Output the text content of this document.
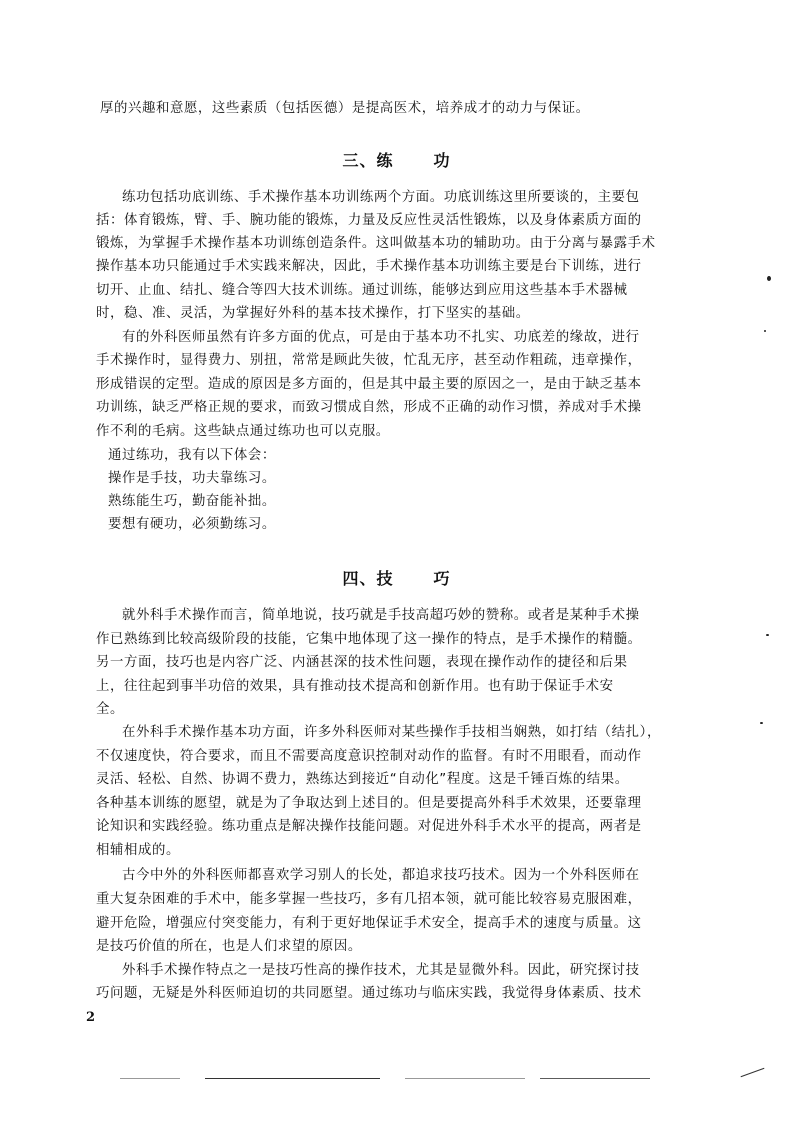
厚的兴趣和意愿，这些素质（包括医德）是提高医术，培养成才的动力与保证。
三、练	功
练功包括功底训练、手术操作基本功训练两个方面。功底训练这里所要谈的，主要包
括：体育锻炼，臂、手、腕功能的锻炼，力量及反应性灵活性锻炼，以及身体素质方面的
锻炼，为掌握手术操作基本功训练创造条件。这叫做基本功的辅助功。由于分离与暴露手术
操作基本功只能通过手术实践来解决，因此，手术操作基本功训练主要是台下训练，进行
切开、止血、结扎、缝合等四大技术训练。通过训练，能够达到应用这些基本手术器械
时，稳、准、灵活，为掌握好外科的基本技术操作，打下坚实的基础。
有的外科医师虽然有许多方面的优点，可是由于基本功不扎实、功底差的缘故，进行
手术操作时，显得费力、别扭，常常是顾此失彼，忙乱无序，甚至动作粗疏，违章操作，
形成错误的定型。造成的原因是多方面的，但是其中最主要的原因之一，是由于缺乏基本
功训练，缺乏严格正规的要求，而致习惯成自然，形成不正确的动作习惯，养成对手术操
作不利的毛病。这些缺点通过练功也可以克服。
通过练功，我有以下体会：
操作是手技，功夫靠练习。
熟练能生巧，勤奋能补拙。
要想有硬功，必须勤练习。
四、技	巧
就外科手术操作而言，简单地说，技巧就是手技高超巧妙的赞称。或者是某种手术操
作已熟练到比较高级阶段的技能，它集中地体现了这一操作的特点，是手术操作的精髓。
另一方面，技巧也是内容广泛、内涵甚深的技术性问题，表现在操作动作的捷径和后果
上，往往起到事半功倍的效果，具有推动技术提高和创新作用。也有助于保证手术安
全。
在外科手术操作基本功方面，许多外科医师对某些操作手技相当娴熟，如打结（结扎），
不仅速度快，符合要求，而且不需要高度意识控制对动作的监督。有时不用眼看，而动作
灵活、轻松、自然、协调不费力，熟练达到接近“自动化”程度。这是千锤百炼的结果。
各种基本训练的愿望，就是为了争取达到上述目的。但是要提高外科手术效果，还要靠理
论知识和实践经验。练功重点是解决操作技能问题。对促进外科手术水平的提高，两者是
相辅相成的。
古今中外的外科医师都喜欢学习别人的长处，都追求技巧技术。因为一个外科医师在
重大复杂困难的手术中，能多掌握一些技巧，多有几招本领，就可能比较容易克服困难，
避开危险，增强应付突变能力，有利于更好地保证手术安全，提高手术的速度与质量。这
是技巧价值的所在，也是人们求望的原因。
外科手术操作特点之一是技巧性高的操作技术，尤其是显微外科。因此，研究探讨技
巧问题，无疑是外科医师迫切的共同愿望。通过练功与临床实践，我觉得身体素质、技术
2
